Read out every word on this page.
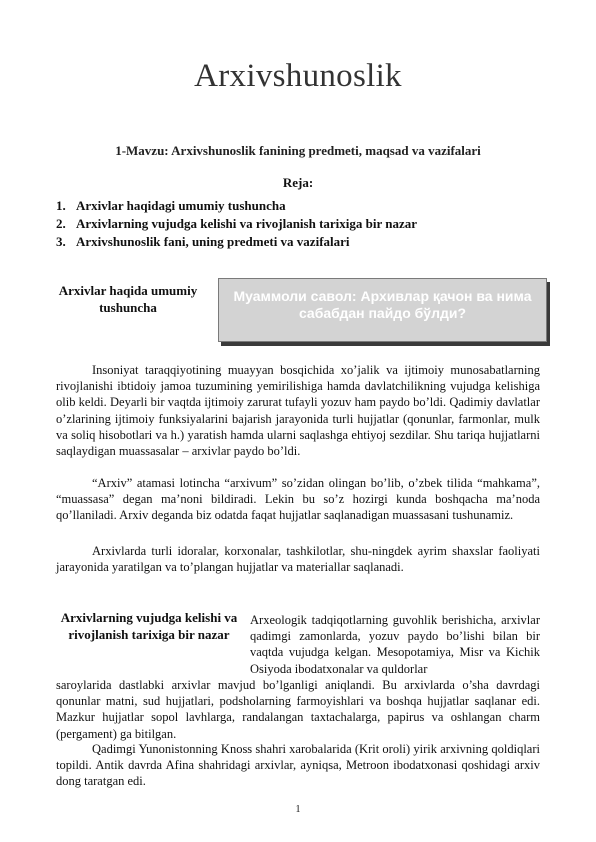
Arxivshunoslik
1-Mavzu: Arxivshunoslik fanining predmeti, maqsad va vazifalari
Reja:
1. Arxivlar haqidagi umumiy tushuncha
2. Arxivlarning vujudga kelishi va rivojlanish tarixiga bir nazar
3. Arxivshunoslik fani, uning predmeti va vazifalari
Arxivlar haqida umumiy tushuncha
Муаммоли савол: Архивлар қачон ва нима сабабдан пайдо бўлди?

Insoniyat taraqqiyotining muayyan bosqichida xo’jalik va ijtimoiy munosabatlarning rivojlanishi ibtidoiy jamoa tuzumining yemirilishiga hamda davlatchilikning vujudga kelishiga olib keldi. Deyarli bir vaqtda ijtimoiy zarurat tufayli yozuv ham paydo bo’ldi. Qadimiy davlatlar o’zlarining ijtimoiy funksiyalarini bajarish jarayonida turli hujjatlar (qonunlar, farmonlar, mulk va soliq hisobotlari va h.) yaratish hamda ularni saqlashga ehtiyoj sezdilar. Shu tariqa hujjatlarni saqlaydigan muassasalar – arxivlar paydo bo’ldi.

“Arxiv” atamasi lotincha “arxivum” so’zidan olingan bo’lib, o’zbek tilida “mahkama”, “muassasa” degan ma’noni bildiradi. Lekin bu so’z hozirgi kunda boshqacha ma’noda qo’llaniladi. Arxiv deganda biz odatda faqat hujjatlar saqlanadigan muassasani tushunamiz.

Arxivlarda turli idoralar, korxonalar, tashkilotlar, shu-ningdek ayrim shaxslar faoliyati jarayonida yaratilgan va to’plangan hujjatlar va materiallar saqlanadi.

Arxivlarning vujudga kelishi va rivojlanish tarixiga bir nazar

Arxeologik tadqiqotlarning guvohlik berishicha, arxivlar qadimgi zamonlarda, yozuv paydo bo’lishi bilan bir vaqtda vujudga kelgan. Mesopotamiya, Misr va Kichik Osiyoda ibodatxonalar va quldorlar

saroylarida dastlabki arxivlar mavjud bo’lganligi aniqlandi. Bu arxivlarda o’sha davrdagi qonunlar matni, sud hujjatlari, podsholarning farmoyishlari va boshqa hujjatlar saqlanar edi. Mazkur hujjatlar sopol lavhlarga, randalangan taxtachalarga, papirus va oshlangan charm (pergament) ga bitilgan.

Qadimgi Yunonistonning Knoss shahri xarobalarida (Krit oroli) yirik arxivning qoldiqlari topildi. Antik davrda Afina shahridagi arxivlar, ayniqsa, Metroon ibodatxonasi qoshidagi arxiv dong taratgan edi.

1
